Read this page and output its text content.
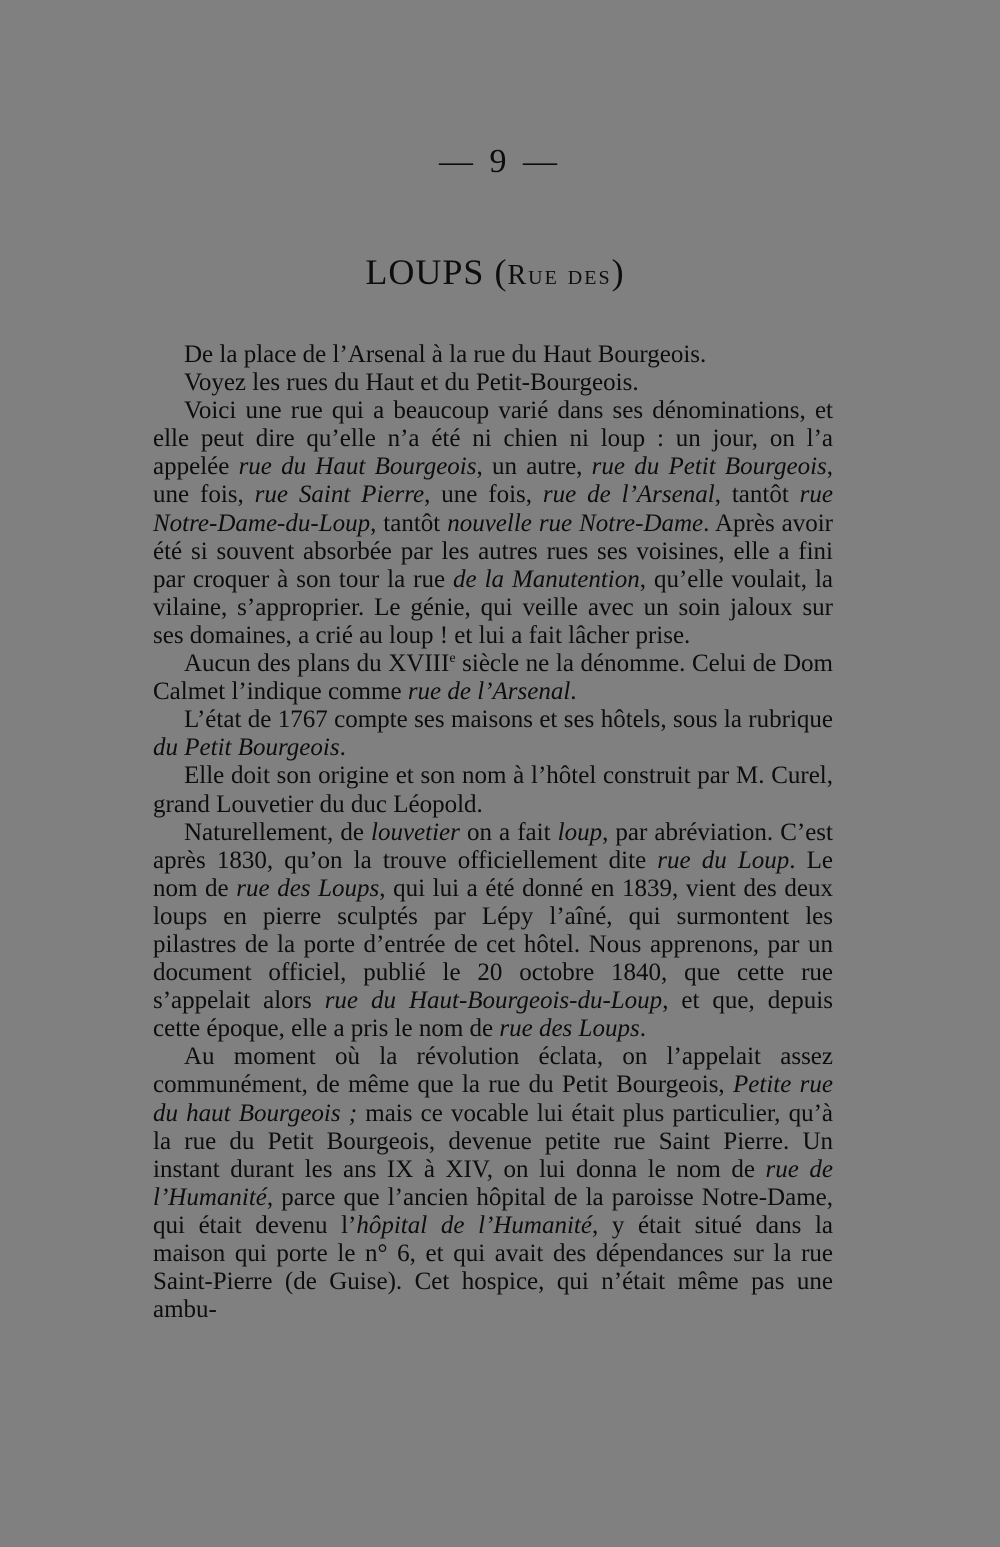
— 9 —
LOUPS (Rue des)

De la place de l’Arsenal à la rue du Haut Bourgeois.

Voyez les rues du Haut et du Petit-Bourgeois.

Voici une rue qui a beaucoup varié dans ses dénominations, et elle peut dire qu’elle n’a été ni chien ni loup : un jour, on l’a appelée rue du Haut Bourgeois, un autre, rue du Petit Bourgeois, une fois, rue Saint Pierre, une fois, rue de l’Arsenal, tantôt rue Notre-Dame-du-Loup, tantôt nouvelle rue Notre-Dame. Après avoir été si souvent absorbée par les autres rues ses voisines, elle a fini par croquer à son tour la rue de la Manutention, qu’elle voulait, la vilaine, s’approprier. Le génie, qui veille avec un soin jaloux sur ses domaines, a crié au loup ! et lui a fait lâcher prise.

Aucun des plans du XVIIIe siècle ne la dénomme. Celui de Dom Calmet l’indique comme rue de l’Arsenal.

L’état de 1767 compte ses maisons et ses hôtels, sous la rubrique du Petit Bourgeois.

Elle doit son origine et son nom à l’hôtel construit par M. Curel, grand Louvetier du duc Léopold.

Naturellement, de louvetier on a fait loup, par abréviation. C’est après 1830, qu’on la trouve officiellement dite rue du Loup. Le nom de rue des Loups, qui lui a été donné en 1839, vient des deux loups en pierre sculptés par Lépy l’aîné, qui surmontent les pilastres de la porte d’entrée de cet hôtel. Nous apprenons, par un document officiel, publié le 20 octobre 1840, que cette rue s’appelait alors rue du Haut-Bourgeois-du-Loup, et que, depuis cette époque, elle a pris le nom de rue des Loups.

Au moment où la révolution éclata, on l’appelait assez communément, de même que la rue du Petit Bourgeois, Petite rue du haut Bourgeois ; mais ce vocable lui était plus particulier, qu’à la rue du Petit Bourgeois, devenue petite rue Saint Pierre. Un instant durant les ans IX à XIV, on lui donna le nom de rue de l’Humanité, parce que l’ancien hôpital de la paroisse Notre-Dame, qui était devenu l’hôpital de l’Humanité, y était situé dans la maison qui porte le n° 6, et qui avait des dépendances sur la rue Saint-Pierre (de Guise). Cet hospice, qui n’était même pas une ambu-
